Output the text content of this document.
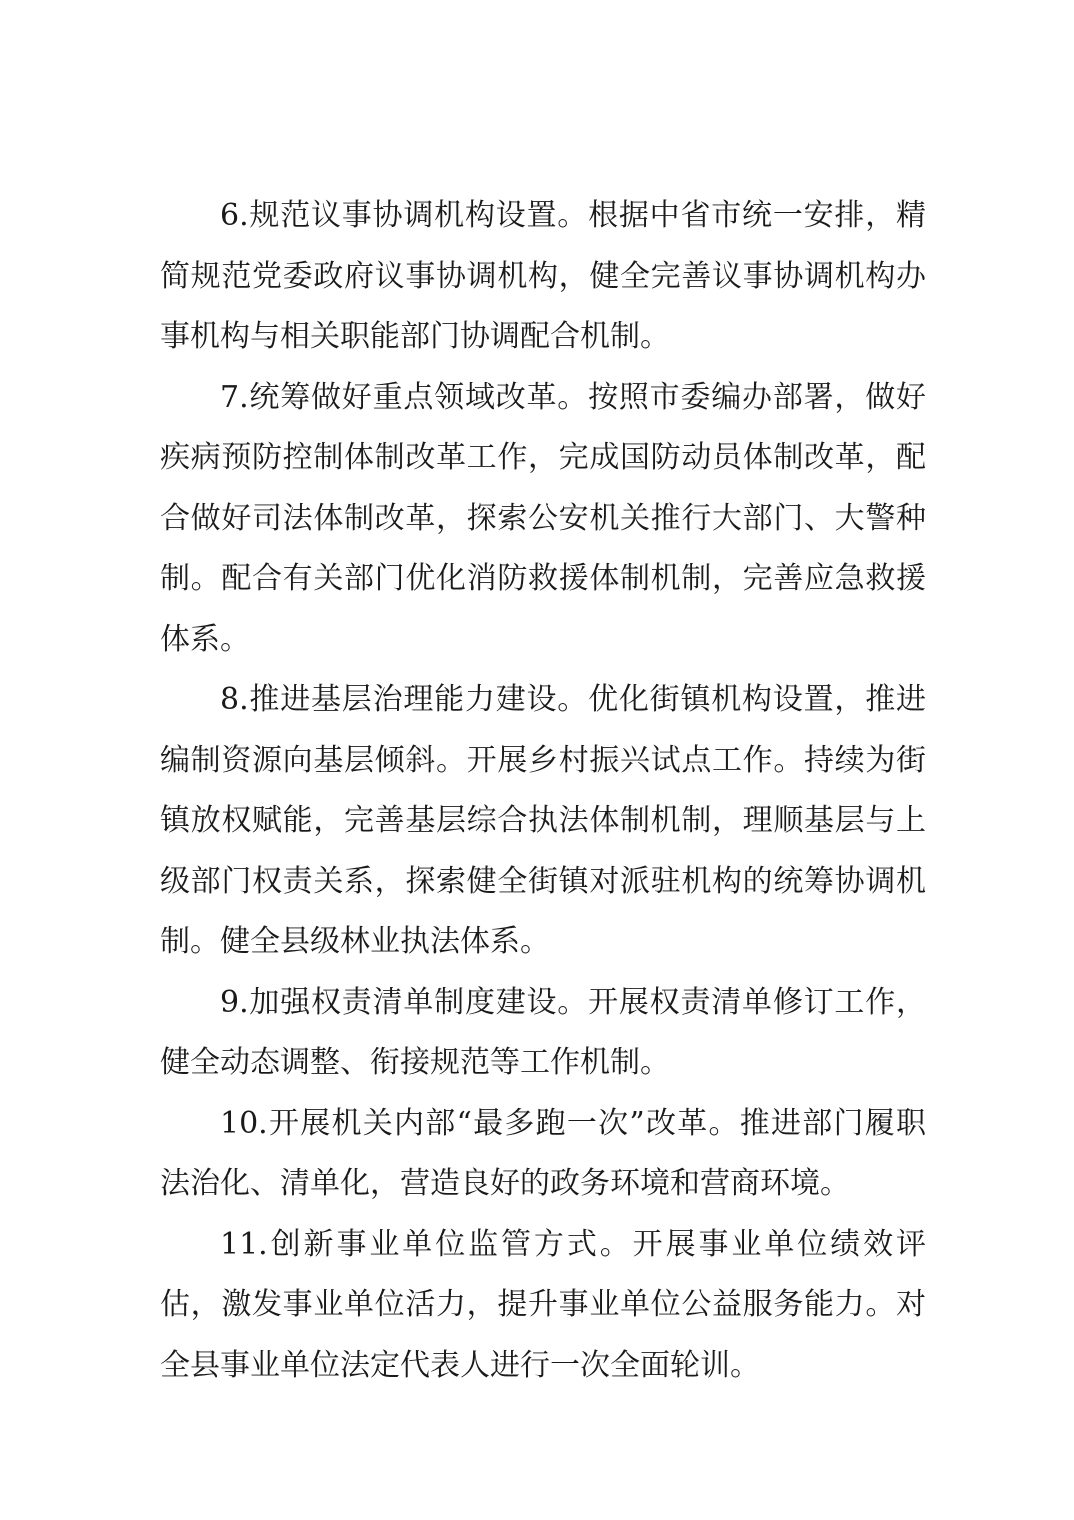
6.规范议事协调机构设置。根据中省市统一安排，精简规范党委政府议事协调机构，健全完善议事协调机构办事机构与相关职能部门协调配合机制。

7.统筹做好重点领域改革。按照市委编办部署，做好疾病预防控制体制改革工作，完成国防动员体制改革，配合做好司法体制改革，探索公安机关推行大部门、大警种制。配合有关部门优化消防救援体制机制，完善应急救援体系。

8.推进基层治理能力建设。优化街镇机构设置，推进编制资源向基层倾斜。开展乡村振兴试点工作。持续为街镇放权赋能，完善基层综合执法体制机制，理顺基层与上级部门权责关系，探索健全街镇对派驻机构的统筹协调机制。健全县级林业执法体系。

9.加强权责清单制度建设。开展权责清单修订工作，健全动态调整、衔接规范等工作机制。

10.开展机关内部“最多跑一次”改革。推进部门履职法治化、清单化，营造良好的政务环境和营商环境。

11.创新事业单位监管方式。开展事业单位绩效评估，激发事业单位活力，提升事业单位公益服务能力。对全县事业单位法定代表人进行一次全面轮训。
